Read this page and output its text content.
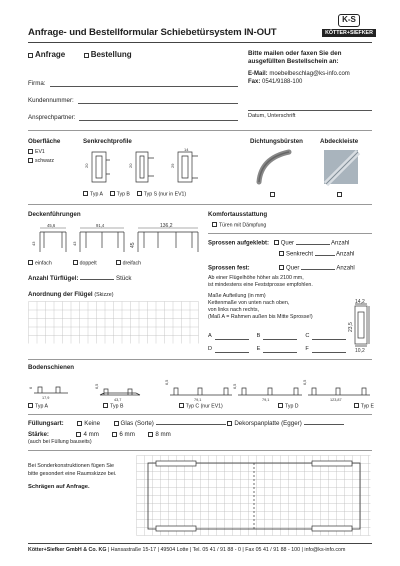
Anfrage- und Bestellformular Schiebetürsystem IN-OUT
K-S
KÖTTER+SIEFKER
Anfrage	Bestellung	Bitte mailen oder faxen Sie den
ausgefüllten Bestellschein an:
E-Mail: moebelbeschlag@ks-info.com
Fax: 0541/9188-100
Firma:
Kundennummer:
Ansprechpartner:	Datum, Unterschrift
Oberfläche
EV1
schwarz
Senkrechtprofile
20	20	29
14
Typ A	Typ B	Typ S (nur in EV1)
Dichtungsbürsten	Abdeckleiste
Deckenführungen
45,6	91,4	136,2
43	43	45
einfach	doppelt	dreifach
Anzahl Türflügel:	Stück
Anordnung der Flügel (Skizze)
Komfortausstattung
Türen mit Dämpfung
Sprossen aufgeklebt: Quer	Anzahl
Senkrecht	Anzahl
Sprossen fest:	Quer	Anzahl
Ab einer Flügelhöhe höher als 2100 mm,
ist mindestens eine Feststprosse empfohlen.
Maße Aufteilung (in mm)
Kettenmaße von unten nach oben,
von links nach rechts,
(Maß A = Rahmen außen bis Mitte Sprosse!)
A	B	C
D	E	F
14,2
23,5
10,2
Bodenschienen
17,9	43,7	79,1	79,1	123,87
6	6,5
6,5
6,5
6,5
Typ A	Typ B	Typ C (nur EV1)	Typ D	Typ E
Füllungsart:	Keine	Glas (Sorte)	Dekorspanplatte (Egger)
Stärke:	4 mm	6 mm	8 mm
(auch bei Füllung bauseits)
Bei Sonderkonstruktionen fügen Sie
bitte gesondert eine Raumskizze bei.
Schrägen auf Anfrage.
Kötter+Siefker GmbH & Co. KG | Hansastraße 15-17 | 49504 Lotte | Tel. 05 41 / 91 88 - 0 | Fax 05 41 / 91 88 - 100 | info@ks-info.com
